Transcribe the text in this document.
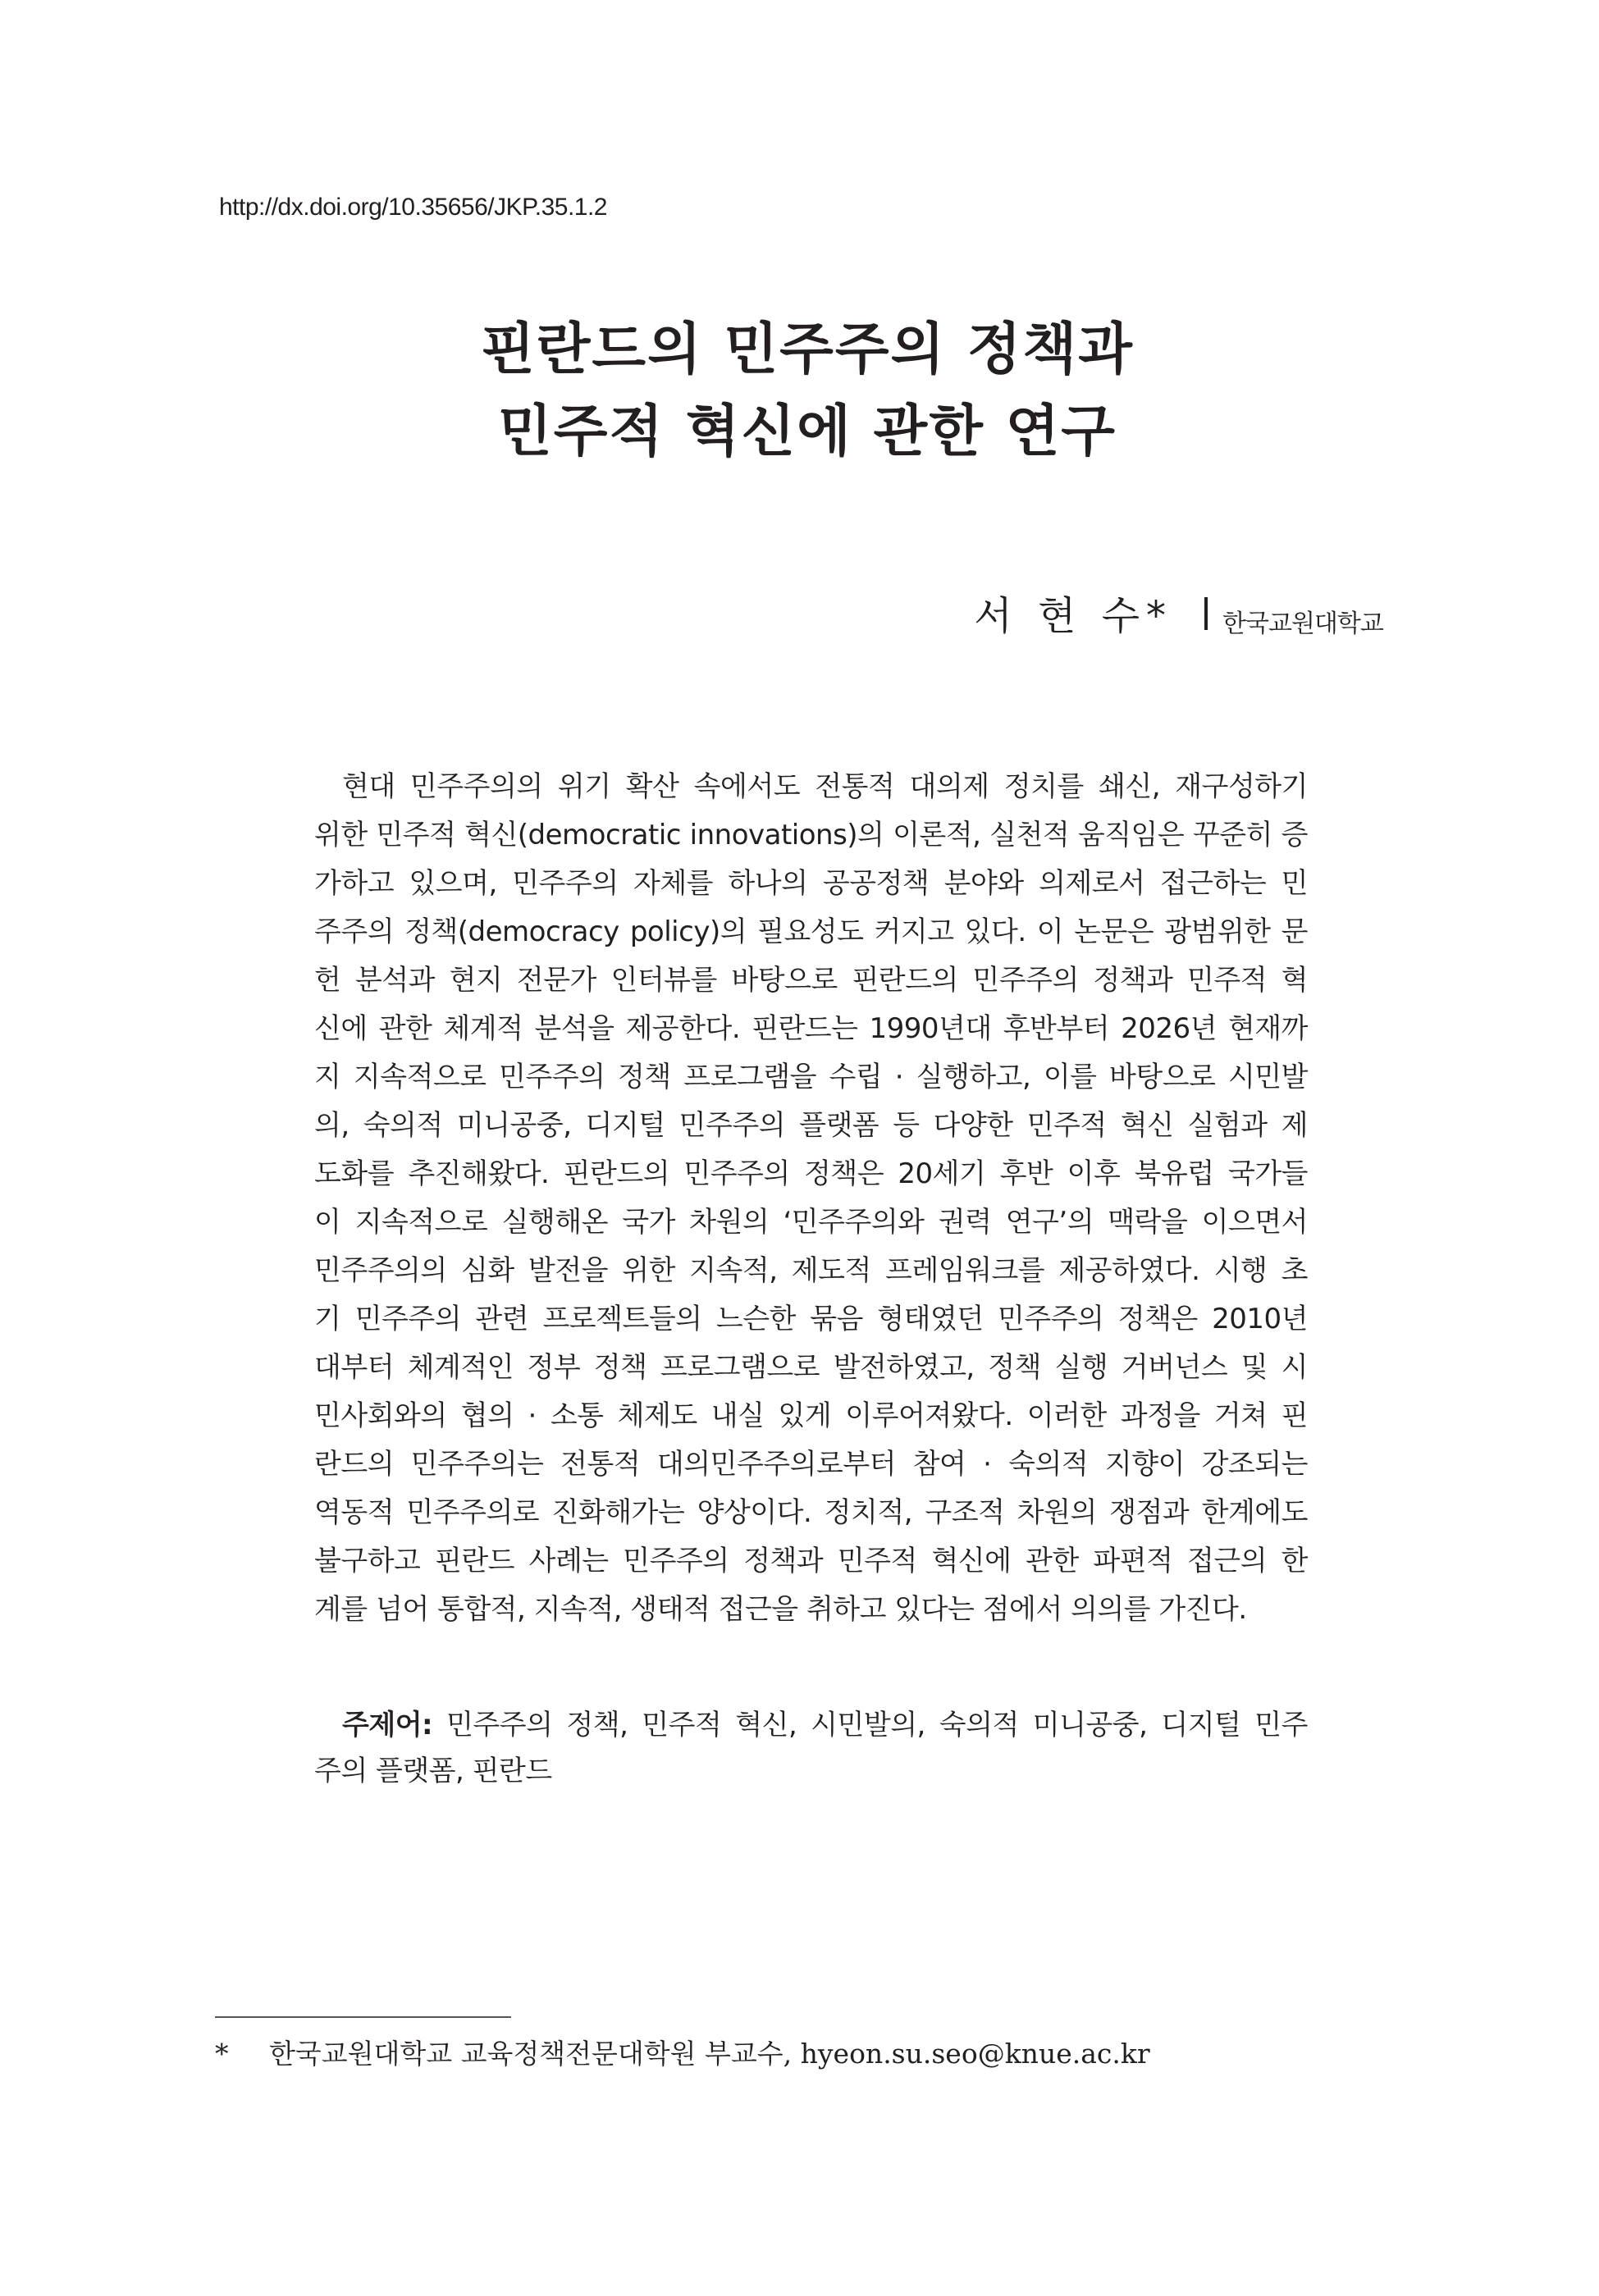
http://dx.doi.org/10.35656/JKP.35.1.2
핀란드의 민주주의 정책과
민주적 혁신에 관한 연구
서 현 수* 한국교원대학교
현대 민주주의의 위기 확산 속에서도 전통적 대의제 정치를 쇄신, 재구성하기
위한 민주적 혁신(democratic innovations)의 이론적, 실천적 움직임은 꾸준히 증
가하고 있으며, 민주주의 자체를 하나의 공공정책 분야와 의제로서 접근하는 민
주주의 정책(democracy policy)의 필요성도 커지고 있다. 이 논문은 광범위한 문
헌 분석과 현지 전문가 인터뷰를 바탕으로 핀란드의 민주주의 정책과 민주적 혁
신에 관한 체계적 분석을 제공한다. 핀란드는 1990년대 후반부터 2026년 현재까
지 지속적으로 민주주의 정책 프로그램을 수립 · 실행하고, 이를 바탕으로 시민발
의, 숙의적 미니공중, 디지털 민주주의 플랫폼 등 다양한 민주적 혁신 실험과 제
도화를 추진해왔다. 핀란드의 민주주의 정책은 20세기 후반 이후 북유럽 국가들
이 지속적으로 실행해온 국가 차원의 ‘민주주의와 권력 연구’의 맥락을 이으면서
민주주의의 심화 발전을 위한 지속적, 제도적 프레임워크를 제공하였다. 시행 초
기 민주주의 관련 프로젝트들의 느슨한 묶음 형태였던 민주주의 정책은 2010년
대부터 체계적인 정부 정책 프로그램으로 발전하였고, 정책 실행 거버넌스 및 시
민사회와의 협의 · 소통 체제도 내실 있게 이루어져왔다. 이러한 과정을 거쳐 핀
란드의 민주주의는 전통적 대의민주주의로부터 참여 · 숙의적 지향이 강조되는
역동적 민주주의로 진화해가는 양상이다. 정치적, 구조적 차원의 쟁점과 한계에도
불구하고 핀란드 사례는 민주주의 정책과 민주적 혁신에 관한 파편적 접근의 한
계를 넘어 통합적, 지속적, 생태적 접근을 취하고 있다는 점에서 의의를 가진다.
주제어: 민주주의 정책, 민주적 혁신, 시민발의, 숙의적 미니공중, 디지털 민주
주의 플랫폼, 핀란드
* 한국교원대학교 교육정책전문대학원 부교수, hyeon.su.seo@knue.ac.kr
